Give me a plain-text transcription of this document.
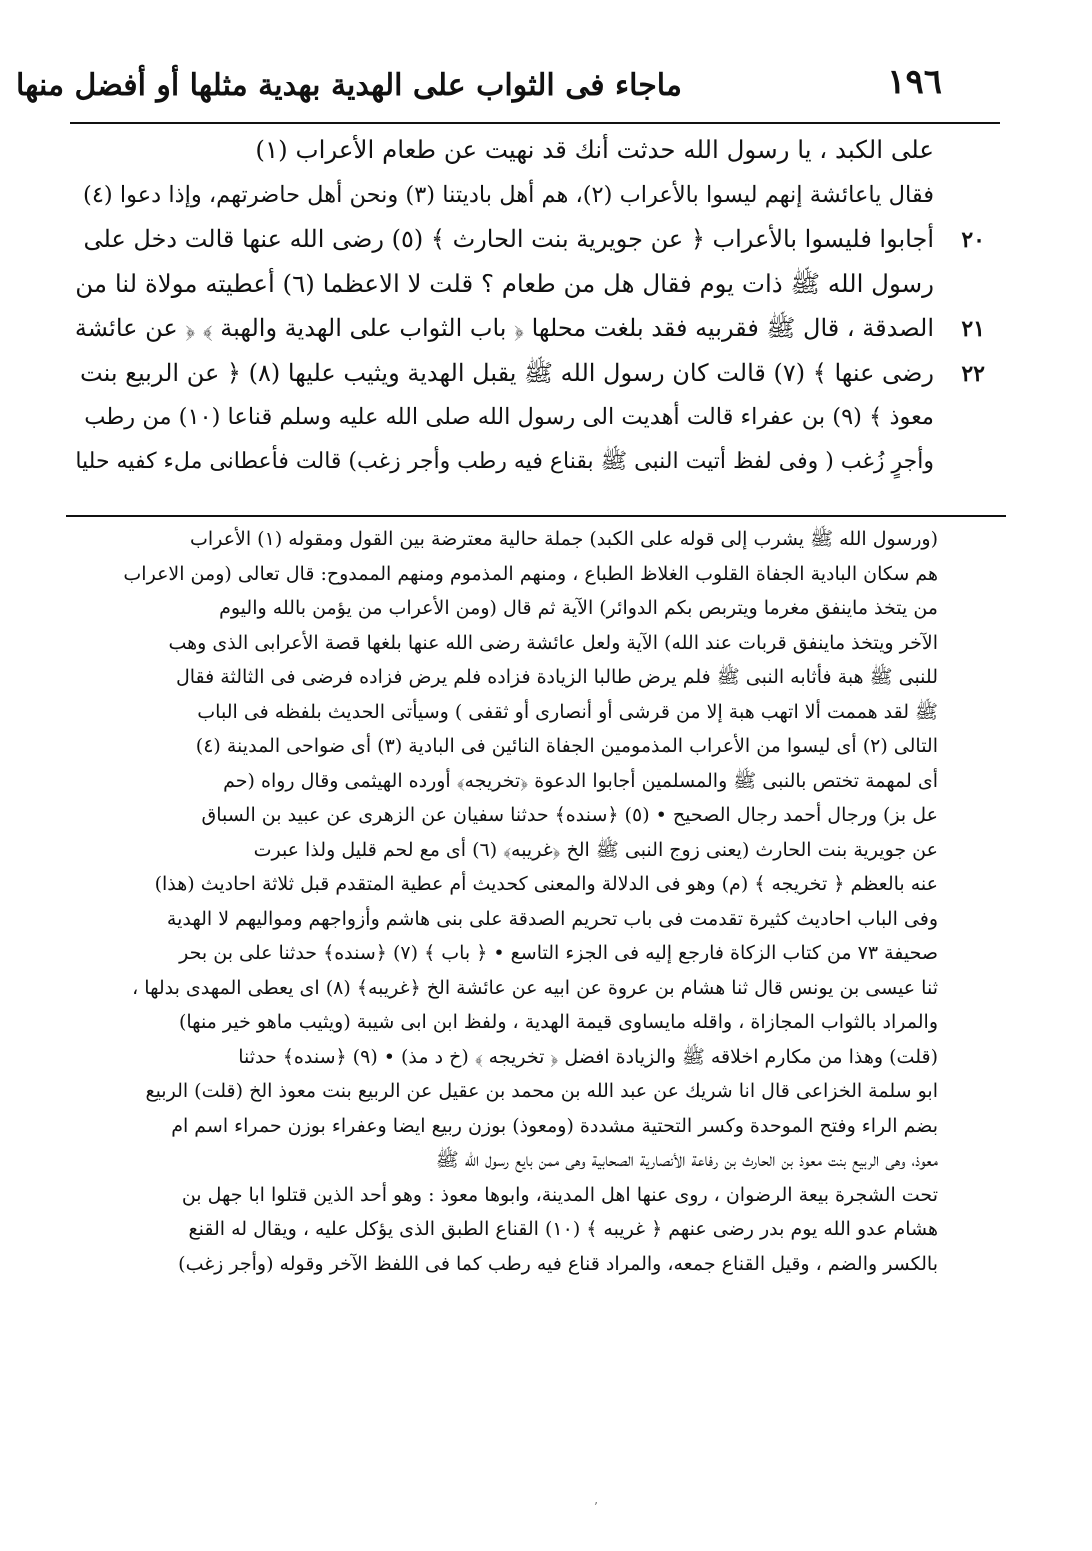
١٩٦
ماجاء فى الثواب على الهدية بهدية مثلها أو أفضل منها
على الكبد ، يا رسول الله حدثت أنك قد نهيت عن طعام الأعراب (١)
فقال ياعائشة إنهم ليسوا بالأعراب (٢)، هم أهل باديتنا (٣) ونحن أهل حاضرتهم، وإذا دعوا (٤)
أجابوا فليسوا بالأعراب ﴿ عن جويرية بنت الحارث ﴾ (٥) رضى الله عنها قالت دخل على
رسول الله ﷺ ذات يوم فقال هل من طعام ؟ قلت لا الاعظما (٦) أعطيته مولاة لنا من
الصدقة ، قال ﷺ فقربيه فقد بلغت محلها ﴿ باب الثواب على الهدية والهبة ﴾ ﴿ عن عائشة
رضى عنها ﴾ (٧) قالت كان رسول الله ﷺ يقبل الهدية ويثيب عليها (٨) ﴿ عن الربيع بنت
معوذ ﴾ (٩) بن عفراء قالت أهديت الى رسول الله صلى الله عليه وسلم قناعا (١٠) من رطب
وأجرٍ زُغب ( وفى لفظ أتيت النبى ﷺ بقناع فيه رطب وأجر زغب) قالت فأعطانى ملء كفيه حليا
٢٠
٢١
٢٢
(ورسول الله ﷺ يشرب إلى قوله على الكبد) جملة حالية معترضة بين القول ومقوله (١) الأعراب
هم سكان البادية الجفاة القلوب الغلاظ الطباع ، ومنهم المذموم ومنهم الممدوح: قال تعالى (ومن الاعراب
من يتخذ ماينفق مغرما ويتربص بكم الدوائر) الآية ثم قال (ومن الأعراب من يؤمن بالله واليوم
الآخر ويتخذ ماينفق قربات عند الله) الآية ولعل عائشة رضى الله عنها بلغها قصة الأعرابى الذى وهب
للنبى ﷺ هبة فأثابه النبى ﷺ فلم يرض طالبا الزيادة فزاده فلم يرض فزاده فرضى فى الثالثة فقال
ﷺ لقد هممت ألا اتهب هبة إلا من قرشى أو أنصارى أو ثقفى ) وسيأتى الحديث بلفظه فى الباب
التالى (٢) أى ليسوا من الأعراب المذمومين الجفاة النائين فى البادية (٣) أى ضواحى المدينة (٤)
أى لمهمة تختص بالنبى ﷺ والمسلمين أجابوا الدعوة ﴿تخريجه﴾ أورده الهيثمى وقال رواه (حم
عل بز) ورجال أحمد رجال الصحيح • (٥) ﴿سنده﴾ حدثنا سفيان عن الزهرى عن عبيد بن السباق
عن جويرية بنت الحارث (يعنى زوج النبى ﷺ الخ ﴿غريبه﴾ (٦) أى مع لحم قليل ولذا عبرت
عنه بالعظم ﴿ تخريجه ﴾ (م) وهو فى الدلالة والمعنى كحديث أم عطية المتقدم قبل ثلاثة احاديث (هذا)
وفى الباب احاديث كثيرة تقدمت فى باب تحريم الصدقة على بنى هاشم وأزواجهم ومواليهم لا الهدية
صحيفة ٧٣ من كتاب الزكاة فارجع إليه فى الجزء التاسع • ﴿ باب ﴾ (٧) ﴿سنده﴾ حدثنا على بن بحر
ثنا عيسى بن يونس قال ثنا هشام بن عروة عن ابيه عن عائشة الخ ﴿غريبه﴾ (٨) اى يعطى المهدى بدلها ،
والمراد بالثواب المجازاة ، واقله مايساوى قيمة الهدية ، ولفظ ابن ابى شيبة (ويثيب ماهو خير منها)
(قلت) وهذا من مكارم اخلاقه ﷺ والزيادة افضل ﴿ تخريجه ﴾ (خ د مذ) • (٩) ﴿سنده﴾ حدثنا
ابو سلمة الخزاعى قال انا شريك عن عبد الله بن محمد بن عقيل عن الربيع بنت معوذ الخ (قلت) الربيع
بضم الراء وفتح الموحدة وكسر التحتية مشددة (ومعوذ) بوزن ربيع ايضا وعفراء بوزن حمراء اسم ام
معوذ، وهى الربيع بنت معوذ بن الحارث بن رفاعة الأنصارية الصحابية وهى ممن بايع رسول الله ﷺ
تحت الشجرة بيعة الرضوان ، روى عنها اهل المدينة، وابوها معوذ : وهو أحد الذين قتلوا ابا جهل بن
هشام عدو الله يوم بدر رضى عنهم ﴿ غريبه ﴾ (١٠) القناع الطبق الذى يؤكل عليه ، ويقال له القنع
بالكسر والضم ، وقيل القناع جمعه، والمراد قناع فيه رطب كما فى اللفظ الآخر وقوله (وأجر زغب)
’
